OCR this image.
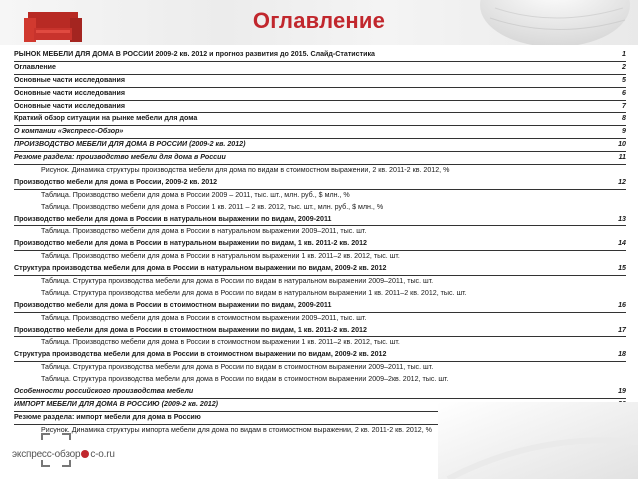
Оглавление
РЫНОК МЕБЕЛИ ДЛЯ ДОМА В РОССИИ 2009-2 кв. 2012 и прогноз развития до 2015. Слайд-Статистика	1
Оглавление	2
Основные части исследования	5
Основные части исследования	6
Основные части исследования	7
Краткий обзор ситуации на рынке мебели для дома	8
О компании «Экспресс-Обзор»	9
ПРОИЗВОДСТВО МЕБЕЛИ ДЛЯ ДОМА В РОССИИ (2009-2 кв. 2012)	10
Резюме раздела: производство мебели для дома в России	11
Рисунок. Динамика структуры производства мебели для дома по видам в стоимостном выражении, 2 кв. 2011-2 кв. 2012, %
Производство мебели для дома в России, 2009-2 кв. 2012	12
Таблица. Производство мебели для дома в России 2009 – 2011, тыс. шт., млн. руб., $ млн., %
Таблица. Производство мебели для дома в России 1 кв. 2011 – 2 кв. 2012, тыс. шт., млн. руб., $ млн., %
Производство мебели для дома в России в натуральном выражении по видам, 2009-2011	13
Таблица. Производство мебели для дома в России в натуральном выражении 2009–2011, тыс. шт.
Производство мебели для дома в России в натуральном выражении по видам, 1 кв. 2011-2 кв. 2012	14
Таблица. Производство мебели для дома в России в натуральном выражении 1 кв. 2011–2 кв. 2012, тыс. шт.
Структура производства мебели для дома в России в натуральном выражении по видам, 2009-2 кв. 2012	15
Таблица. Структура производства мебели для дома в России по видам в натуральном выражении 2009–2011, тыс. шт.
Таблица. Структура производства мебели для дома в России по видам в натуральном выражении 1 кв. 2011–2 кв. 2012, тыс. шт.
Производство мебели для дома в России в стоимостном выражении по видам, 2009-2011	16
Таблица. Производство мебели для дома в России в стоимостном выражении 2009–2011, тыс. шт.
Производство мебели для дома в России в стоимостном выражении по видам, 1 кв. 2011-2 кв. 2012	17
Таблица. Производство мебели для дома в России в стоимостном выражении 1 кв. 2011–2 кв. 2012, тыс. шт.
Структура производства мебели для дома в России в стоимостном выражении по видам, 2009-2 кв. 2012	18
Таблица. Структура производства мебели для дома в России по видам в стоимостном выражении 2009–2011, тыс. шт.
Таблица. Структура производства мебели для дома в России по видам в стоимостном выражении 2009–2кв. 2012, тыс. шт.
Особенности российского производства мебели	19
ИМПОРТ МЕБЕЛИ ДЛЯ ДОМА В РОССИЮ (2009-2 кв. 2012)
Резюме раздела: импорт мебели для дома в Россию
Рисунок. Динамика структуры импорта мебели для дома по видам в стоимостном выражении, 2 кв. 2011-2 кв. 2012, %
экспресс-обзор c-o.ru
